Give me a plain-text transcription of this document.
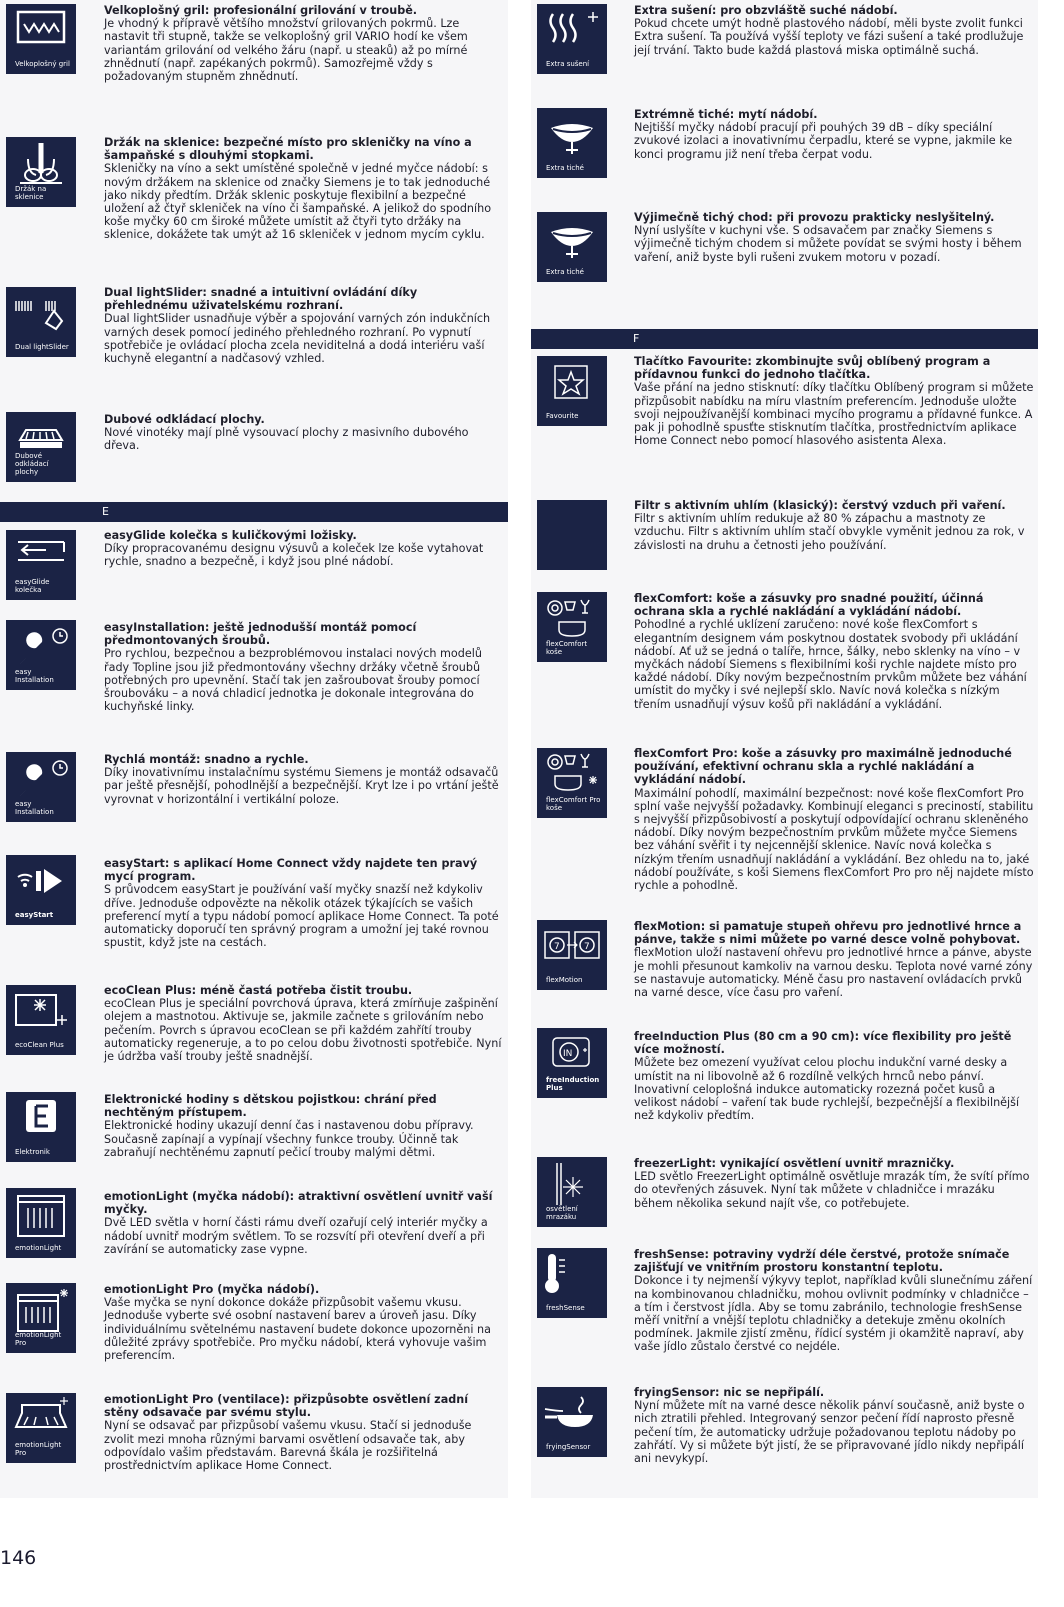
E
F
Velkoplošný gril
Velkoplošný gril: profesionální grilování v troubě.
Je vhodný k přípravě většího množství grilovaných pokrmů. Lze nastavit tři stupně, takže se velkoplošný gril VARIO hodí ke všem variantám grilování od velkého žáru (např. u steaků) až po mírné zhnědnutí (např. zapékaných pokrmů). Samozřejmě vždy s požadovaným stupněm zhnědnutí.
Držák na sklenice
Držák na sklenice: bezpečné místo pro skleničky na víno a šampaňské s dlouhými stopkami.
Skleničky na víno a sekt umístěné společně v jedné myčce nádobí: s novým držákem na sklenice od značky Siemens je to tak jednoduché jako nikdy předtím. Držák sklenic poskytuje flexibilní a bezpečné uložení až čtyř skleniček na víno či šampaňské. A jelikož do spodního koše myčky 60 cm široké můžete umístit až čtyři tyto držáky na sklenice, dokážete tak umýt až 16 skleniček v jednom mycím cyklu.
Dual lightSlider
Dual lightSlider: snadné a intuitivní ovládání díky přehlednému uživatelskému rozhraní.
Dual lightSlider usnadňuje výběr a spojování varných zón indukčních varných desek pomocí jediného přehledného rozhraní. Po vypnutí spotřebiče je ovládací plocha zcela neviditelná a dodá interiéru vaší kuchyně elegantní a nadčasový vzhled.
Dubové odkládací plochy
Dubové odkládací plochy.
Nové vinotéky mají plně vysouvací plochy z masivního dubového dřeva.
easyGlide kolečka
easyGlide kolečka s kuličkovými ložisky.
Díky propracovanému designu výsuvů a koleček lze koše vytahovat rychle, snadno a bezpečně, i když jsou plné nádobí.
easy Installation
easyInstallation: ještě jednodušší montáž pomocí předmontovaných šroubů.
Pro rychlou, bezpečnou a bezproblémovou instalaci nových modelů řady Topline jsou již předmontovány všechny držáky včetně šroubů potřebných pro upevnění. Stačí tak jen zašroubovat šrouby pomocí šroubováku – a nová chladicí jednotka je dokonale integrována do kuchyňské linky.
easy Installation
Rychlá montáž: snadno a rychle.
Díky inovativnímu instalačnímu systému Siemens je montáž odsavačů par ještě přesnější, pohodlnější a bezpečnější. Kryt lze i po vrtání ještě vyrovnat v horizontální i vertikální poloze.
easyStart
easyStart: s aplikací Home Connect vždy najdete ten pravý mycí program.
S průvodcem easyStart je používání vaší myčky snazší než kdykoliv dříve. Jednoduše odpovězte na několik otázek týkajících se vašich preferencí mytí a typu nádobí pomocí aplikace Home Connect. Ta poté automaticky doporučí ten správný program a umožní jej také rovnou spustit, když jste na cestách.
ecoClean Plus
ecoClean Plus: méně častá potřeba čistit troubu.
ecoClean Plus je speciální povrchová úprava, která zmírňuje zašpinění olejem a mastnotou. Aktivuje se, jakmile začnete s grilováním nebo pečením. Povrch s úpravou ecoClean se při každém zahřítí trouby automaticky regeneruje, a to po celou dobu životnosti spotřebiče. Nyní je údržba vaší trouby ještě snadnější.
Elektronik
Elektronické hodiny s dětskou pojistkou: chrání před nechtěným přístupem.
Elektronické hodiny ukazují denní čas i nastavenou dobu přípravy. Současně zapínají a vypínají všechny funkce trouby. Účinně tak zabraňují nechtěnému zapnutí pečicí trouby malými dětmi.
emotionLight
emotionLight (myčka nádobí): atraktivní osvětlení uvnitř vaší myčky.
Dvě LED světla v horní části rámu dveří ozařují celý interiér myčky a nádobí uvnitř modrým světlem. To se rozsvítí při otevření dveří a při zavírání se automaticky zase vypne.
emotionLight Pro
emotionLight Pro (myčka nádobí).
Vaše myčka se nyní dokonce dokáže přizpůsobit vašemu vkusu. Jednoduše vyberte své osobní nastavení barev a úroveň jasu. Díky individuálnímu světelnému nastavení budete dokonce upozorněni na důležité zprávy spotřebiče. Pro myčku nádobí, která vyhovuje vašim preferencím.
emotionLight Pro
emotionLight Pro (ventilace): přizpůsobte osvětlení zadní stěny odsavače par svému stylu.
Nyní se odsavač par přizpůsobí vašemu vkusu. Stačí si jednoduše zvolit mezi mnoha různými barvami osvětlení odsavače tak, aby odpovídalo vašim představám. Barevná škála je rozšiřitelná prostřednictvím aplikace Home Connect.
Extra sušení
Extra sušení: pro obzvláště suché nádobí.
Pokud chcete umýt hodně plastového nádobí, měli byste zvolit funkci Extra sušení. Ta používá vyšší teploty ve fázi sušení a také prodlužuje její trvání. Takto bude každá plastová miska optimálně suchá.
Extra tiché
Extrémně tiché: mytí nádobí.
Nejtišší myčky nádobí pracují při pouhých 39 dB – díky speciální zvukové izolaci a inovativnímu čerpadlu, které se vypne, jakmile ke konci programu již není třeba čerpat vodu.
Extra tiché
Výjimečně tichý chod: při provozu prakticky neslyšitelný.
Nyní uslyšíte v kuchyni vše. S odsavačem par značky Siemens s výjimečně tichým chodem si můžete povídat se svými hosty i během vaření, aniž byste byli rušeni zvukem motoru v pozadí.
Favourite
Tlačítko Favourite: zkombinujte svůj oblíbený program a přídavnou funkci do jednoho tlačítka.
Vaše přání na jedno stisknutí: díky tlačítku Oblíbený program si můžete přizpůsobit nabídku na míru vlastním preferencím. Jednoduše uložte svoji nejpoužívanější kombinaci mycího programu a přídavné funkce. A pak ji pohodlně spusťte stisknutím tlačítka, prostřednictvím aplikace Home Connect nebo pomocí hlasového asistenta Alexa.
Filtr s aktivním uhlím (klasický): čerstvý vzduch při vaření.
Filtr s aktivním uhlím redukuje až 80 % zápachu a mastnoty ze vzduchu. Filtr s aktivním uhlím stačí obvykle vyměnit jednou za rok, v závislosti na druhu a četnosti jeho používání.
flexComfort koše
flexComfort: koše a zásuvky pro snadné použití, účinná ochrana skla a rychlé nakládání a vykládání nádobí.
Pohodlné a rychlé uklízení zaručeno: nové koše flexComfort s elegantním designem vám poskytnou dostatek svobody při ukládání nádobí. Ať už se jedná o talíře, hrnce, šálky, nebo sklenky na víno – v myčkách nádobí Siemens s flexibilními koši rychle najdete místo pro každé nádobí. Díky novým bezpečnostním prvkům můžete bez váhání umístit do myčky i své nejlepší sklo. Navíc nová kolečka s nízkým třením usnadňují výsuv košů při nakládání a vykládání.
flexComfort Pro koše
flexComfort Pro: koše a zásuvky pro maximálně jednoduché používání, efektivní ochranu skla a rychlé nakládání a vykládání nádobí.
Maximální pohodlí, maximální bezpečnost: nové koše flexComfort Pro splní vaše nejvyšší požadavky. Kombinují eleganci s preciností, stabilitu s nejvyšší přizpůsobivostí a poskytují odpovídající ochranu skleněného nádobí. Díky novým bezpečnostním prvkům můžete myčce Siemens bez váhání svěřit i ty nejcennější sklenice. Navíc nová kolečka s nízkým třením usnadňují nakládání a vykládání. Bez ohledu na to, jaké nádobí používáte, s koši Siemens flexComfort Pro pro něj najdete místo rychle a pohodlně.
7	7
flexMotion
flexMotion: si pamatuje stupeň ohřevu pro jednotlivé hrnce a pánve, takže s nimi můžete po varné desce volně pohybovat.
flexMotion uloží nastavení ohřevu pro jednotlivé hrnce a pánve, abyste je mohli přesunout kamkoliv na varnou desku. Teplota nové varné zóny se nastavuje automaticky. Méně času pro nastavení ovládacích prvků na varné desce, více času pro vaření.
IN
freeInduction Plus
freeInduction Plus (80 cm a 90 cm): více flexibility pro ještě více možností.
Můžete bez omezení využívat celou plochu indukční varné desky a umístit na ni libovolně až 6 rozdílně velkých hrnců nebo pánví. Inovativní celoplošná indukce automaticky rozezná počet kusů a velikost nádobí – vaření tak bude rychlejší, bezpečnější a flexibilnější než kdykoliv předtím.
osvětlení mrazáku
freezerLight: vynikající osvětlení uvnitř mrazničky.
LED světlo FreezerLight optimálně osvětluje mrazák tím, že svítí přímo do otevřených zásuvek. Nyní tak můžete v chladničce i mrazáku během několika sekund najít vše, co potřebujete.
freshSense
freshSense: potraviny vydrží déle čerstvé, protože snímače zajišťují ve vnitřním prostoru konstantní teplotu.
Dokonce i ty nejmenší výkyvy teplot, například kvůli slunečnímu záření na kombinovanou chladničku, mohou ovlivnit podmínky v chladničce – a tím i čerstvost jídla. Aby se tomu zabránilo, technologie freshSense měří vnitřní a vnější teplotu chladničky a detekuje změnu okolních podmínek. Jakmile zjistí změnu, řídicí systém ji okamžitě napraví, aby vaše jídlo zůstalo čerstvé co nejdéle.
fryingSensor
fryingSensor: nic se nepřipálí.
Nyní můžete mít na varné desce několik pánví současně, aniž byste o nich ztratili přehled. Integrovaný senzor pečení řídí naprosto přesně pečení tím, že automaticky udržuje požadovanou teplotu nádoby po zahřátí. Vy si můžete být jistí, že se připravované jídlo nikdy nepřipálí ani nevykypí.
146
